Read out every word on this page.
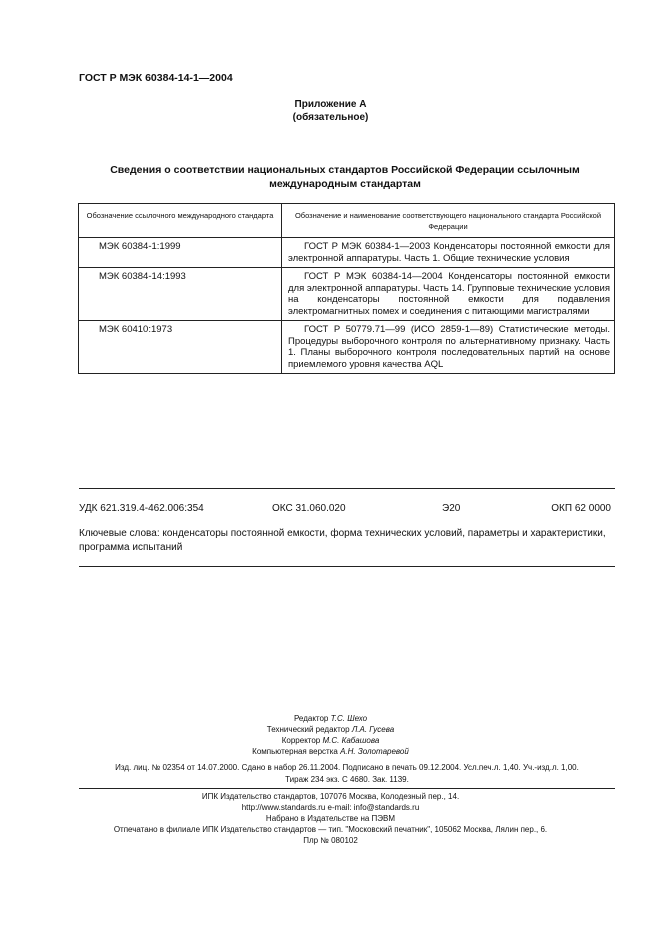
ГОСТ Р МЭК 60384-14-1—2004
Приложение А
(обязательное)
Сведения о соответствии национальных стандартов Российской Федерации ссылочным международным стандартам
Обозначение ссылочного международного стандарта	Обозначение и наименование соответствующего национального стандарта Российской Федерации
МЭК 60384-1:1999	ГОСТ Р МЭК 60384-1—2003 Конденсаторы постоянной емкости для электронной аппаратуры. Часть 1. Общие технические условия
МЭК 60384-14:1993	ГОСТ Р МЭК 60384-14—2004 Конденсаторы постоянной емкости для электронной аппаратуры. Часть 14. Групповые технические условия на конденсаторы постоянной емкости для подавления электромагнитных помех и соединения с питающими магистралями
МЭК 60410:1973	ГОСТ Р 50779.71—99 (ИСО 2859-1—89) Статистические методы. Процедуры выборочного контроля по альтернативному признаку. Часть 1. Планы выборочного контроля последовательных партий на основе приемлемого уровня качества AQL
УДК 621.319.4-462.006:354	ОКС 31.060.020	Э20	ОКП 62 0000
Ключевые слова: конденсаторы постоянной емкости, форма технических условий, параметры и характеристики, программа испытаний
Редактор Т.С. Шехо
Технический редактор Л.А. Гусева
Корректор М.С. Кабашова
Компьютерная верстка А.Н. Золотаревой
Изд. лиц. № 02354 от 14.07.2000. Сдано в набор 26.11.2004. Подписано в печать 09.12.2004. Усл.печ.л. 1,40. Уч.-изд.л. 1,00.
Тираж 234 экз. С 4680. Зак. 1139.
ИПК Издательство стандартов, 107076 Москва, Колодезный пер., 14.
http://www.standards.ru e-mail: info@standards.ru
Набрано в Издательстве на ПЭВМ
Отпечатано в филиале ИПК Издательство стандартов — тип. "Московский печатник", 105062 Москва, Лялин пер., 6.
Плр № 080102
